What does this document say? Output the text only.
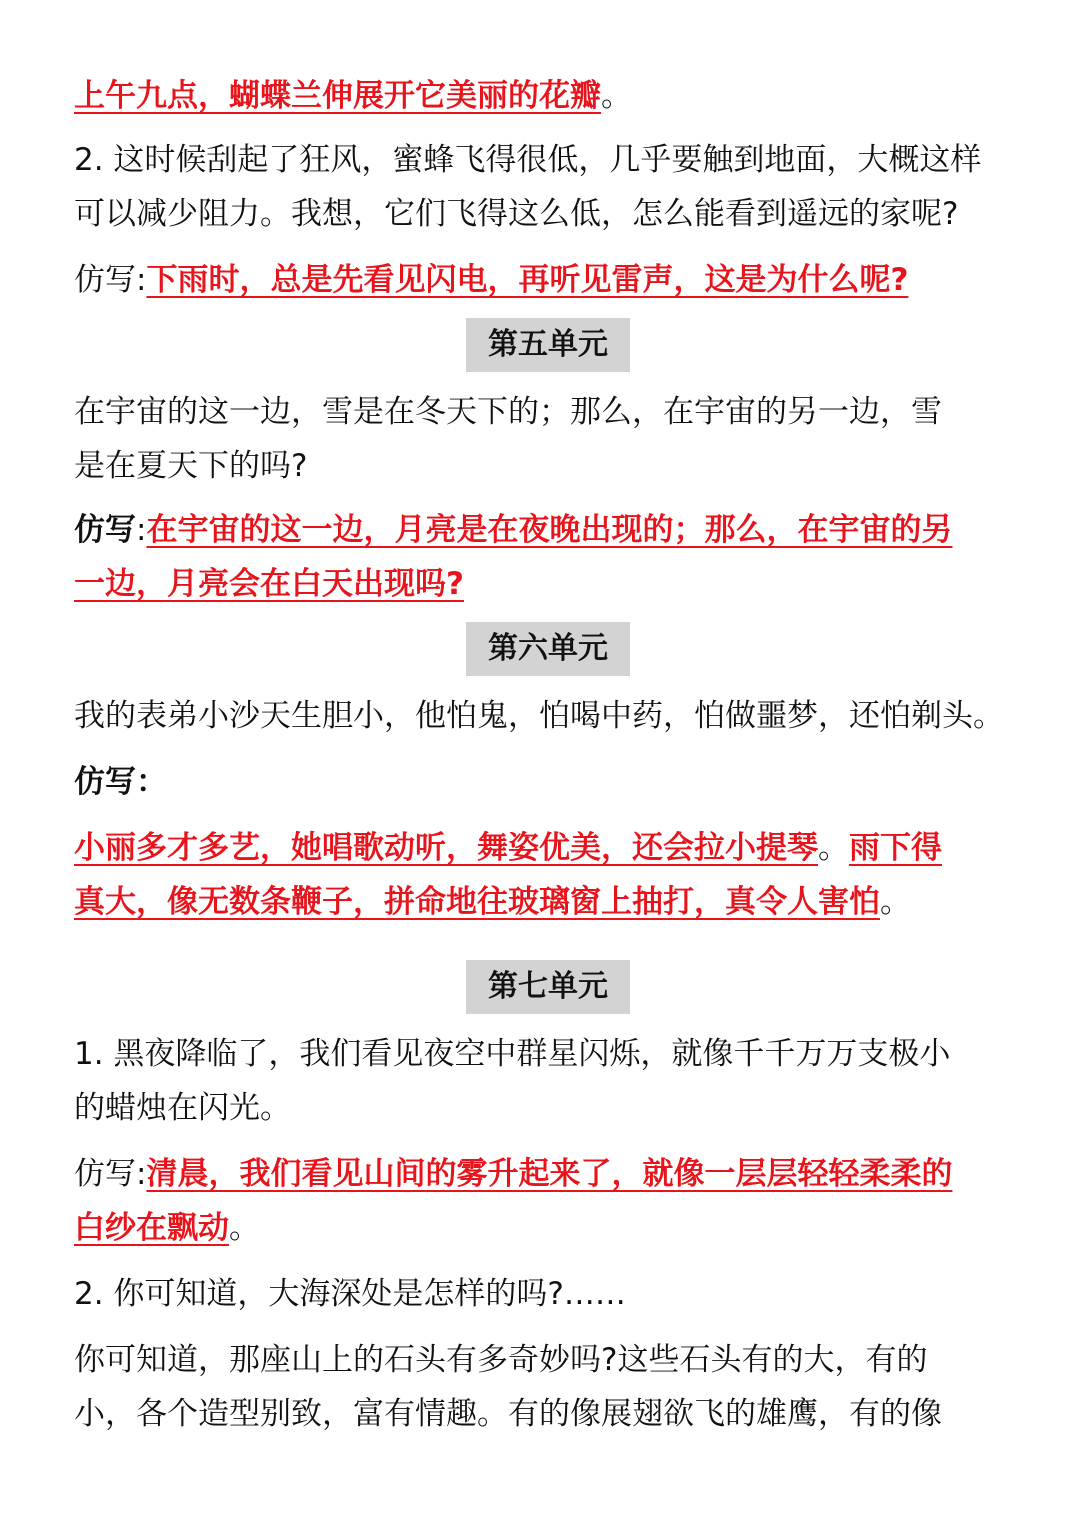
上午九点，蝴蝶兰伸展开它美丽的花瓣。
2. 这时候刮起了狂风，蜜蜂飞得很低，几乎要触到地面，大概这样
可以减少阻力。我想，它们飞得这么低，怎么能看到遥远的家呢?
仿写:下雨时，总是先看见闪电，再听见雷声，这是为什么呢?
第五单元
在宇宙的这一边，雪是在冬天下的；那么，在宇宙的另一边，雪
是在夏天下的吗?
仿写:在宇宙的这一边，月亮是在夜晚出现的；那么，在宇宙的另
一边，月亮会在白天出现吗?
第六单元
我的表弟小沙天生胆小，他怕鬼，怕喝中药，怕做噩梦，还怕剃头。
仿写：
小丽多才多艺，她唱歌动听，舞姿优美，还会拉小提琴。雨下得
真大，像无数条鞭子，拼命地往玻璃窗上抽打，真令人害怕。
第七单元
1. 黑夜降临了，我们看见夜空中群星闪烁，就像千千万万支极小
的蜡烛在闪光。
仿写:清晨，我们看见山间的雾升起来了，就像一层层轻轻柔柔的
白纱在飘动。
2. 你可知道，大海深处是怎样的吗?……
你可知道，那座山上的石头有多奇妙吗?这些石头有的大，有的
小，各个造型别致，富有情趣。有的像展翅欲飞的雄鹰，有的像
